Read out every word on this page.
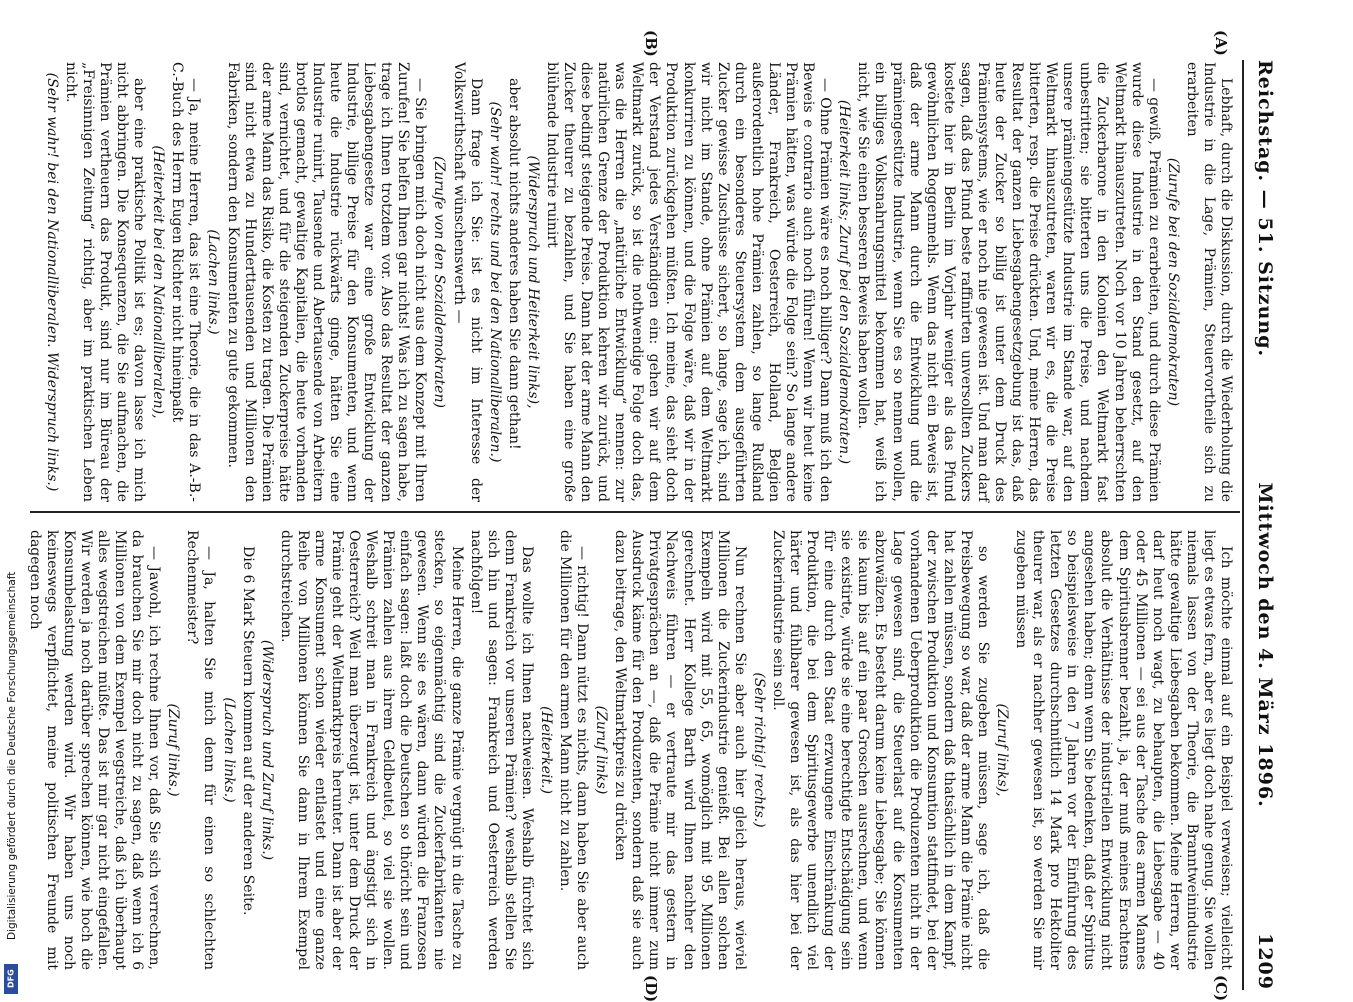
Reichstag. — 51. Sitzung.
Mittwoch den 4. März 1896.
1209
(A)
(B)
(C)
(D)

Lebhaft, durch die Diskussion, durch die Wiederholung die Industrie in die Lage, Prämien, Steuervortheile sich zu erarbeiten

(Zurufe bei den Sozialdemokraten)

— gewiß, Prämien zu erarbeiten, und durch diese Prämien wurde diese Industrie in den Stand gesetzt, auf den Weltmarkt hinauszutreten. Noch vor 10 Jahren beherrschten die Zuckerbarone in den Kolonien den Weltmarkt fast unbestritten; sie bitterten uns die Preise, und nachdem unsere prämiengestützte Industrie im Stande war, auf den Weltmarkt hinauszutreten, waren wir es, die die Preise bitterten, resp. die Preise drückten. Und, meine Herren, das Resultat der ganzen Liebesgabengesetzgebung ist das, daß heute der Zucker so billig ist unter dem Druck des Prämiensystems, wie er noch nie gewesen ist. Und man darf sagen, daß das Pfund beste raffinirten unversollten Zuckers kostete hier in Berlin im Vorjahr weniger als das Pfund gewöhnlichen Roggenmehls. Wenn das nicht ein Beweis ist, daß der arme Mann durch die Entwicklung und die prämiengestützte Industrie, wenn Sie es so nennen wollen, ein billiges Volksnahrungsmittel bekommen hat, weiß ich nicht, wie Sie einen besseren Beweis haben wollen.

(Heiterkeit links; Zuruf bei den Sozialdemokraten.)

— Ohne Prämien wäre es noch billiger? Dann muß ich den Beweis e contrario auch noch führen! Wenn wir heut keine Prämien hätten, was würde die Folge sein? So lange andere Länder, Frankreich, Oesterreich, Holland, Belgien außerordentlich hohe Prämien zahlen, so lange Rußland durch ein besonderes Steuersystem dem ausgeführten Zucker gewisse Zuschüsse sichert, so lange, sage ich, sind wir nicht im Stande, ohne Prämien auf dem Weltmarkt konkurriren zu können, und die Folge wäre, daß wir in der Produktion zurückgehen müßten. Ich meine, das sieht doch der Verstand jedes Verständigen ein: gehen wir auf dem Weltmarkt zurück, so ist die nothwendige Folge doch das, was die Herren die „natürliche Entwicklung“ nennen: zur natürlichen Grenze der Produktion kehren wir zurück, und diese bedingt steigende Preise. Dann hat der arme Mann den Zucker theurer zu bezahlen, und Sie haben eine große blühende Industrie ruinirt

(Widerspruch und Heiterkeit links),

aber absolut nichts anderes haben Sie dann gethan!

(Sehr wahr! rechts und bei den Nationalliberalen.)

Dann frage ich Sie: ist es nicht im Interesse der Volkswirthschaft wünschenswerth —

(Zurufe von den Sozialdemokraten)

— Sie bringen mich doch nicht aus dem Konzept mit Ihren Zurufen! Sie helfen Ihnen gar nichts! Was ich zu sagen habe, trage ich Ihnen trotzdem vor. Also das Resultat der ganzen Liebesgabengesetze war eine große Entwicklung der Industrie, billige Preise für den Konsumenten, und wenn heute die Industrie rückwärts ginge, hätten Sie eine Industrie ruinirt, Tausende und Abertausende von Arbeitern brotlos gemacht, gewaltige Kapitalien, die heute vorhanden sind, vernichtet, und für die steigenden Zuckerpreise hätte der arme Mann das Risiko, die Kosten zu tragen. Die Prämien sind nicht etwa zu Hunderttausenden und Millionen den Fabriken, sondern den Konsumenten zu gute gekommen.

(Lachen links.)

— Ja, meine Herren, das ist eine Theorie, die in das A.-B.-C.-Buch des Herrn Eugen Richter nicht hineinpaßt

(Heiterkeit bei den Nationalliberalen),

aber eine praktische Politik ist es; davon lasse ich mich nicht abbringen. Die Konsequenzen, die Sie aufmachen, die Prämien vertheuern das Produkt, sind nur im Büreau der „Freisinnigen Zeitung“ richtig, aber im praktischen Leben nicht.

(Sehr wahr! bei den Nationalliberalen. Widerspruch links.)

Ich möchte einmal auf ein Beispiel verweisen; vielleicht liegt es etwas fern, aber es liegt doch nahe genug. Sie wollen niemals lassen von der Theorie, die Branntweinindustrie hätte gewaltige Liebesgaben bekommen. Meine Herren, wer darf heut noch wagt, zu behaupten, die Liebesgabe — 40 oder 45 Millionen — sei aus der Tasche des armen Mannes dem Spiritusbrenner bezahlt, ja, der muß meines Erachtens absolut die Verhältnisse der industriellen Entwicklung nicht angesehen haben; denn wenn Sie bedenken, daß der Spiritus so beispielsweise in den 7 Jahren vor der Einführung des letzten Gesetzes durchschnittlich 14 Mark pro Hektoliter theurer war, als er nachher gewesen ist, so werden Sie mir zugeben müssen

(Zuruf links),

so werden Sie zugeben müssen, sage ich, daß die Preisbewegung so war, daß der arme Mann die Prämie nicht hat zahlen müssen, sondern daß thatsächlich in dem Kampf, der zwischen Produktion und Konsumtion stattfindet, bei der vorhandenen Ueberproduktion die Produzenten nicht in der Lage gewesen sind, die Steuerlast auf die Konsumenten abzuwälzen. Es besteht darum keine Liebesgabe; Sie können sie kaum bis auf ein paar Groschen ausrechnen, und wenn sie existirte, würde sie eine berechtigte Entschädigung sein für eine durch den Staat erzwungene Einschränkung der Produktion, die bei dem Spiritusgewerbe unendlich viel härter und fühlbarer gewesen ist, als das hier bei der Zuckerindustrie sein soll.

(Sehr richtig! rechts.)

Nun rechnen Sie aber auch hier gleich heraus, wieviel Millionen die Zuckerindustrie genießt. Bei allen solchen Exempeln wird mit 55, 65, womöglich mit 95 Millionen gerechnet. Herr Kollege Barth wird Ihnen nachher den Nachweis führen — er vertraute mir das gestern in Privatgesprächen an —, daß die Prämie nicht immer zum Ausdruck käme für den Produzenten, sondern daß sie auch dazu beitrage, den Weltmarktpreis zu drücken

(Zuruf links)

— richtig! Dann nützt es nichts, dann haben Sie aber auch die Millionen für den armen Mann nicht zu zahlen.

(Heiterkeit.)

Das wollte ich Ihnen nachweisen. Weshalb fürchtet sich denn Frankreich vor unseren Prämien? weshalb stellen Sie sich hin und sagen: Frankreich und Oesterreich werden nachfolgen!

Meine Herren, die ganze Prämie vergnügt in die Tasche zu stecken, so eigenmächtig sind die Zuckerfabrikanten nie gewesen. Wenn sie es wären, dann würden die Franzosen einfach sagen: laßt doch die Deutschen so thöricht sein und Prämien zahlen aus ihrem Geldbeutel, so viel sie wollen. Weshalb schreit man in Frankreich und ängstigt sich in Oesterreich? Weil man überzeugt ist, unter dem Druck der Prämie geht der Weltmarktpreis herunter. Dann ist aber der arme Konsument schon wieder entlastet und eine ganze Reihe von Millionen können Sie dann in Ihrem Exempel durchstreichen.

(Widerspruch und Zuruf links.)

Die 6 Mark Steuern kommen auf der anderen Seite.

(Lachen links.)

— Ja, halten Sie mich denn für einen so schlechten Rechenmeister?

(Zuruf links.)

— Jawohl, ich rechne Ihnen vor, daß Sie sich verrechnen, da brauchen Sie mir doch nicht zu sagen, daß wenn ich 6 Millionen von dem Exempel wegstreiche, daß ich überhaupt alles wegstreichen müßte. Das ist mir gar nicht eingefallen. Wir werden ja noch darüber sprechen können, wie hoch die Konsumbelastung werden wird. Wir haben uns noch keineswegs verpflichtet, meine politischen Freunde mit dagegen noch

Digitalisierung gefördert durch die Deutsche Forschungsgemeinschaft
DFG
